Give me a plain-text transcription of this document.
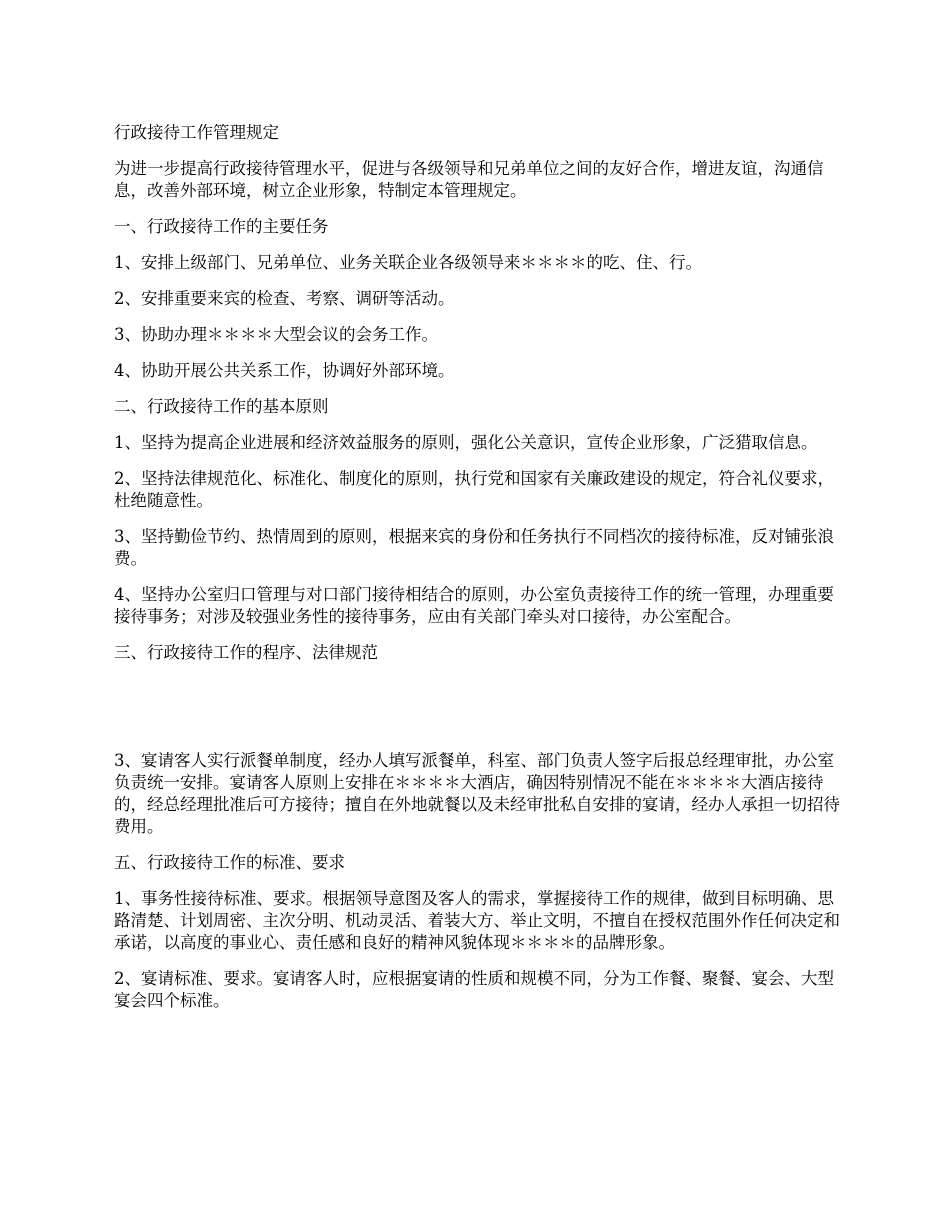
行政接待工作管理规定

为进一步提高行政接待管理水平，促进与各级领导和兄弟单位之间的友好合作，增进友谊，沟通信息，改善外部环境，树立企业形象，特制定本管理规定。

一、行政接待工作的主要任务

1、安排上级部门、兄弟单位、业务关联企业各级领导来＊＊＊＊的吃、住、行。

2、安排重要来宾的检查、考察、调研等活动。

3、协助办理＊＊＊＊大型会议的会务工作。

4、协助开展公共关系工作，协调好外部环境。

二、行政接待工作的基本原则

1、坚持为提高企业进展和经济效益服务的原则，强化公关意识，宣传企业形象，广泛猎取信息。

2、坚持法律规范化、标准化、制度化的原则，执行党和国家有关廉政建设的规定，符合礼仪要求，杜绝随意性。

3、坚持勤俭节约、热情周到的原则，根据来宾的身份和任务执行不同档次的接待标准，反对铺张浪费。

4、坚持办公室归口管理与对口部门接待相结合的原则，办公室负责接待工作的统一管理，办理重要接待事务；对涉及较强业务性的接待事务，应由有关部门牵头对口接待，办公室配合。

三、行政接待工作的程序、法律规范

3、宴请客人实行派餐单制度，经办人填写派餐单，科室、部门负责人签字后报总经理审批，办公室负责统一安排。宴请客人原则上安排在＊＊＊＊大酒店，确因特别情况不能在＊＊＊＊大酒店接待的，经总经理批准后可方接待；擅自在外地就餐以及未经审批私自安排的宴请，经办人承担一切招待费用。

五、行政接待工作的标准、要求

1、事务性接待标准、要求。根据领导意图及客人的需求，掌握接待工作的规律，做到目标明确、思路清楚、计划周密、主次分明、机动灵活、着装大方、举止文明，不擅自在授权范围外作任何决定和承诺，以高度的事业心、责任感和良好的精神风貌体现＊＊＊＊的品牌形象。

2、宴请标准、要求。宴请客人时，应根据宴请的性质和规模不同，分为工作餐、聚餐、宴会、大型宴会四个标准。
